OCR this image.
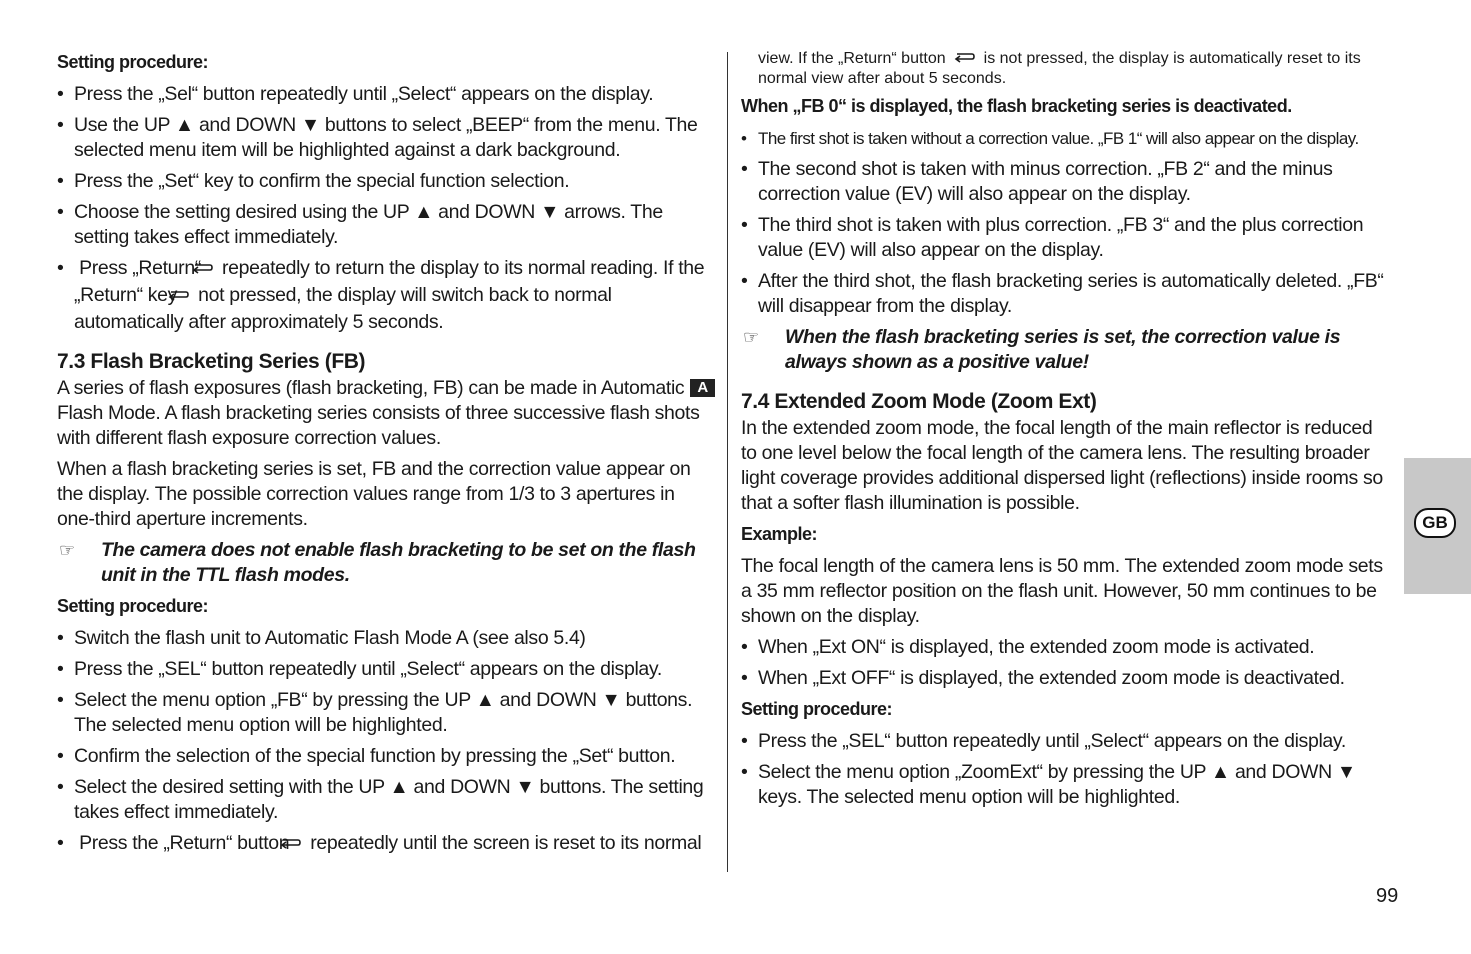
Setting procedure:
• Press the „Sel“ button repeatedly until „Select“ appears on the display.
• Use the UP ▲ and DOWN ▼ buttons to select „BEEP“ from the menu. The selected menu item will be highlighted against a dark background.
• Press the „Set“ key to confirm the special function selection.
• Choose the setting desired using the UP ▲ and DOWN ▼ arrows. The setting takes effect immediately.
• Press „Return“ repeatedly to return the display to its normal reading. If the „Return“ key not pressed, the display will switch back to normal automatically after approximately 5 seconds.
7.3 Flash Bracketing Series (FB)

A series of flash exposures (flash bracketing, FB) can be made in Automatic A Flash Mode. A flash bracketing series consists of three successive flash shots with different flash exposure correction values.

When a flash bracketing series is set, FB and the correction value appear on the display. The possible correction values range from 1/3 to 3 apertures in one-third aperture increments.

☞	The camera does not enable flash bracketing to be set on the flash unit in the TTL flash modes.
Setting procedure:
• Switch the flash unit to Automatic Flash Mode A (see also 5.4)
• Press the „SEL“ button repeatedly until „Select“ appears on the display.
• Select the menu option „FB“ by pressing the UP ▲ and DOWN ▼ buttons. The selected menu option will be highlighted.
• Confirm the selection of the special function by pressing the „Set“ button.
• Select the desired setting with the UP ▲ and DOWN ▼ buttons. The setting takes effect immediately.
• Press the „Return“ button repeatedly until the screen is reset to its normal
view. If the „Return“ button is not pressed, the display is automatically reset to its normal view after about 5 seconds.
When „FB 0“ is displayed, the flash bracketing series is deactivated.
• The first shot is taken without a correction value. „FB 1“ will also appear on the display.
• The second shot is taken with minus correction. „FB 2“ and the minus correction value (EV) will also appear on the display.
• The third shot is taken with plus correction. „FB 3“ and the plus correction value (EV) will also appear on the display.
• After the third shot, the flash bracketing series is automatically deleted. „FB“ will disappear from the display.
☞	When the flash bracketing series is set, the correction value is always shown as a positive value!
7.4 Extended Zoom Mode (Zoom Ext)

In the extended zoom mode, the focal length of the main reflector is reduced to one level below the focal length of the camera lens. The resulting broader light coverage provides additional dispersed light (reflections) inside rooms so that a softer flash illumination is possible.

Example:

The focal length of the camera lens is 50 mm. The extended zoom mode sets a 35 mm reflector position on the flash unit. However, 50 mm continues to be shown on the display.

• When „Ext ON“ is displayed, the extended zoom mode is activated.
• When „Ext OFF“ is displayed, the extended zoom mode is deactivated.
Setting procedure:
• Press the „SEL“ button repeatedly until „Select“ appears on the display.
• Select the menu option „ZoomExt“ by pressing the UP ▲ and DOWN ▼ keys. The selected menu option will be highlighted.
GB
99
